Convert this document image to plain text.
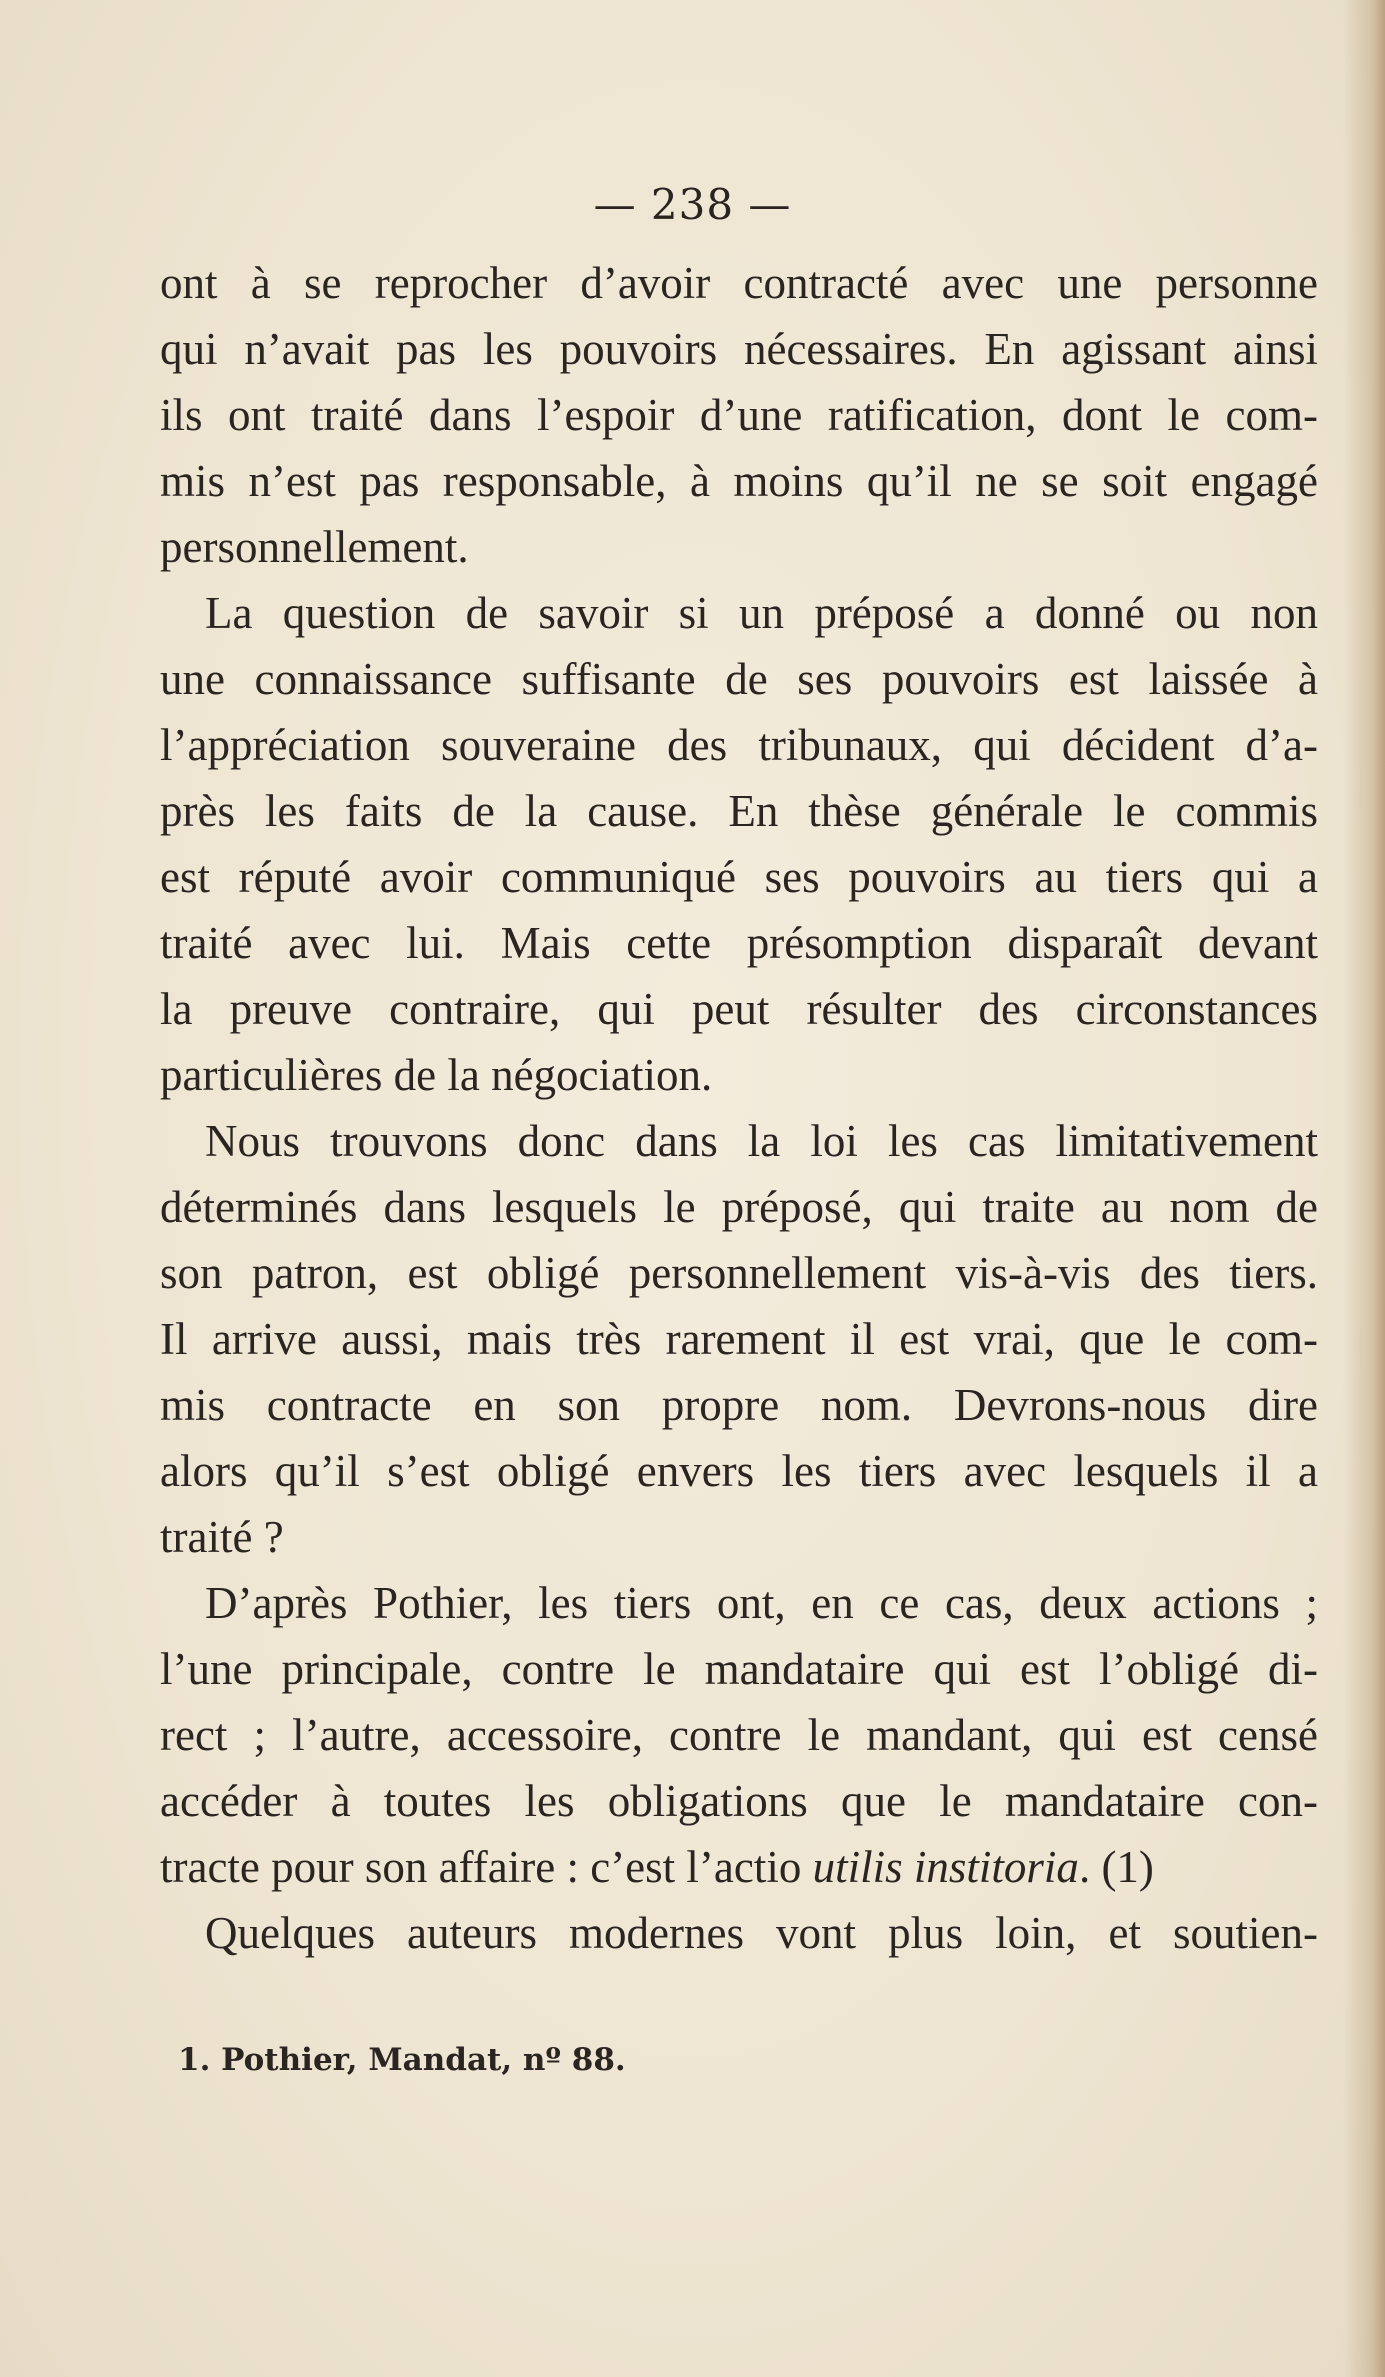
— 238 —
ont à se reprocher d’avoir contracté avec une personne
qui n’avait pas les pouvoirs nécessaires. En agissant ainsi
ils ont traité dans l’espoir d’une ratification, dont le com-
mis n’est pas responsable, à moins qu’il ne se soit engagé
personnellement.
La question de savoir si un préposé a donné ou non
une connaissance suffisante de ses pouvoirs est laissée à
l’appréciation souveraine des tribunaux, qui décident d’a-
près les faits de la cause. En thèse générale le commis
est réputé avoir communiqué ses pouvoirs au tiers qui a
traité avec lui. Mais cette présomption disparaît devant
la preuve contraire, qui peut résulter des circonstances
particulières de la négociation.
Nous trouvons donc dans la loi les cas limitativement
déterminés dans lesquels le préposé, qui traite au nom de
son patron, est obligé personnellement vis-à-vis des tiers.
Il arrive aussi, mais très rarement il est vrai, que le com-
mis contracte en son propre nom. Devrons-nous dire
alors qu’il s’est obligé envers les tiers avec lesquels il a
traité ?
D’après Pothier, les tiers ont, en ce cas, deux actions ;
l’une principale, contre le mandataire qui est l’obligé di-
rect ; l’autre, accessoire, contre le mandant, qui est censé
accéder à toutes les obligations que le mandataire con-
tracte pour son affaire : c’est l’actio utilis institoria. (1)
Quelques auteurs modernes vont plus loin, et soutien-
1. Pothier, Mandat, nº 88.
